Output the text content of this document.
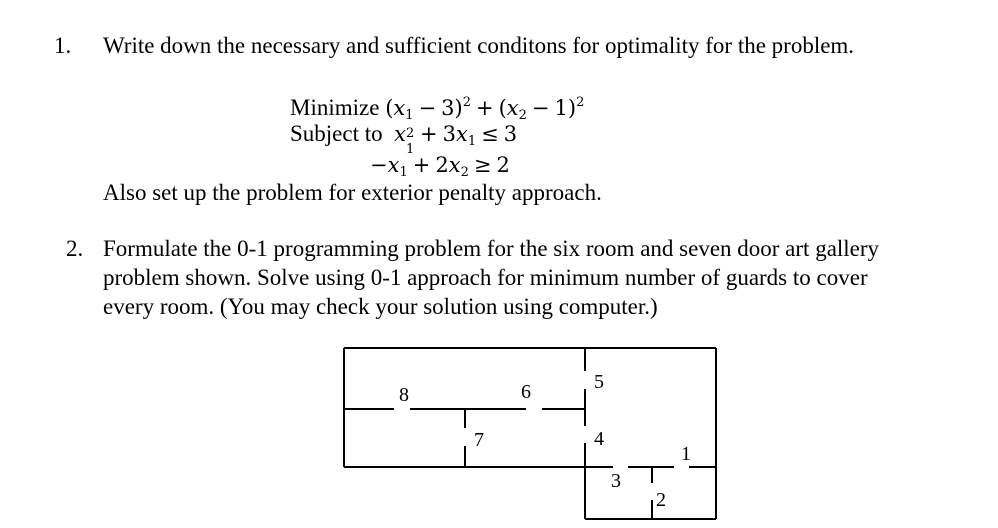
1. Write down the necessary and sufficient conditons for optimality for the problem.
Minimize $(x_1 - 3)^2 + (x_2 - 1)^2$
Subject to x 2
1
+ $3x_1 \le 3$
$-x_1 + 2x_2 \ge 2$
Also set up the problem for exterior penalty approach.
2. Formulate the 0-1 programming problem for the six room and seven door art gallery
problem shown. Solve using 0-1 approach for minimum number of guards to cover
every room. (You may check your solution using computer.)
1
2
3
4
5
6
7
8
